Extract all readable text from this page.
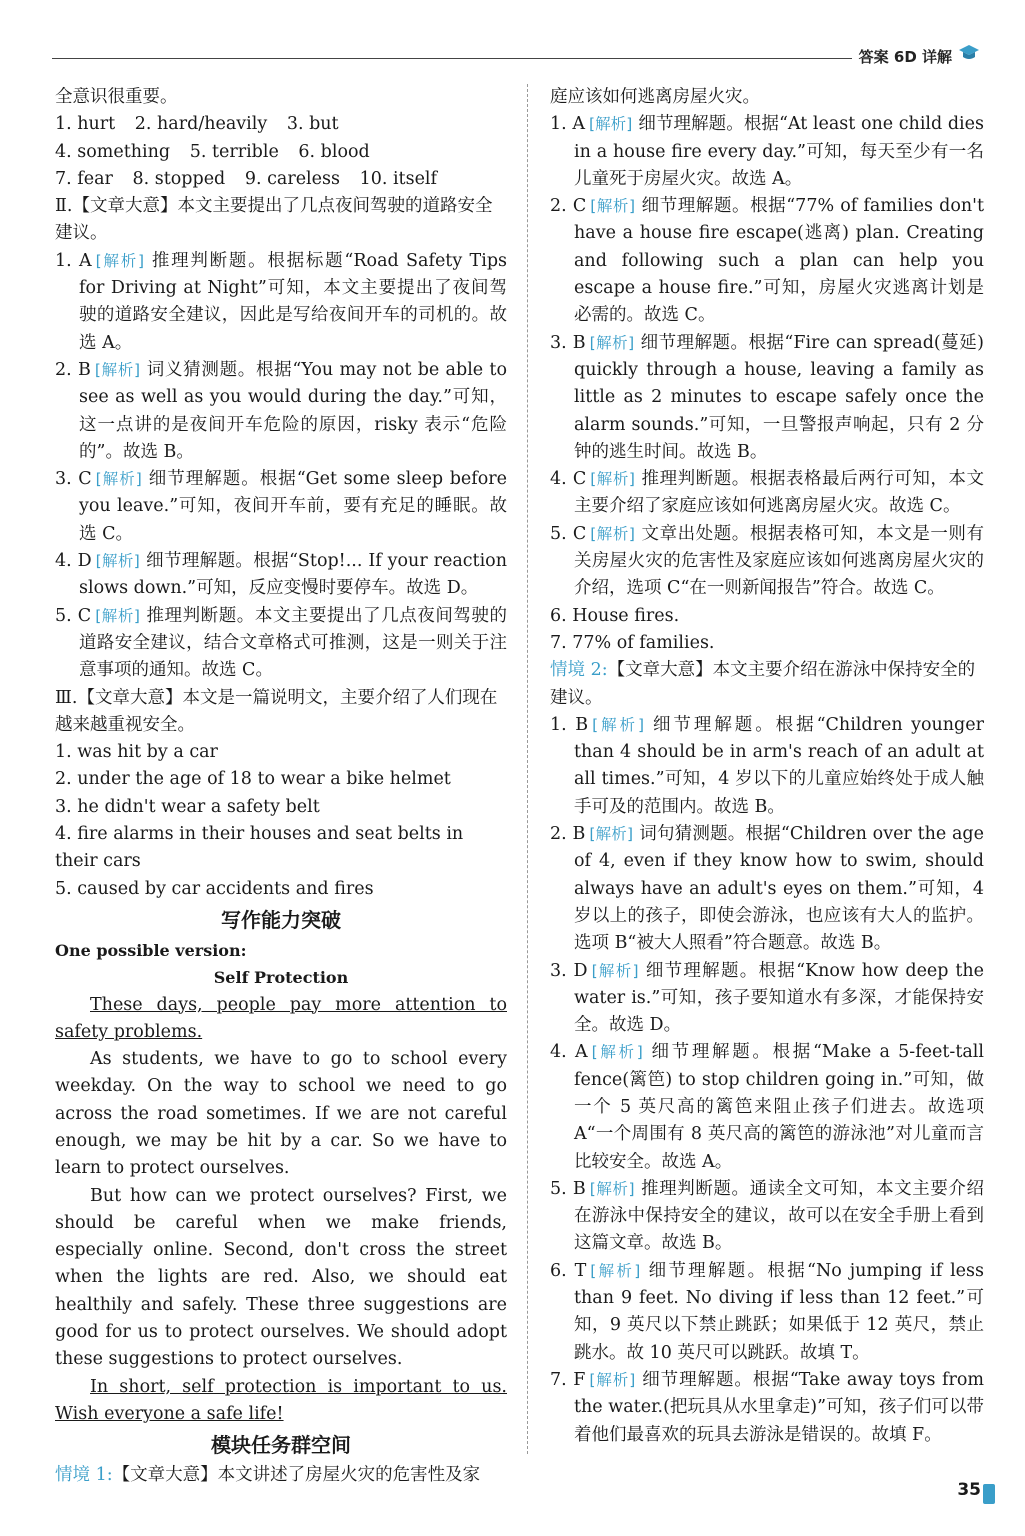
答案 6D 详解

全意识很重要。

1. hurt 2. hard/heavily 3. but

4. something 5. terrible 6. blood

7. fear 8. stopped 9. careless 10. itself

Ⅱ.【文章大意】本文主要提出了几点夜间驾驶的道路安全建议。

1. A [解析] 推理判断题。根据标题“Road Safety Tips for Driving at Night”可知，本文主要提出了夜间驾驶的道路安全建议，因此是写给夜间开车的司机的。故选 A。

2. B [解析] 词义猜测题。根据“You may not be able to see as well as you would during the day.”可知，这一点讲的是夜间开车危险的原因，risky 表示“危险的”。故选 B。

3. C [解析] 细节理解题。根据“Get some sleep before you leave.”可知，夜间开车前，要有充足的睡眠。故选 C。

4. D [解析] 细节理解题。根据“Stop!... If your reaction slows down.”可知，反应变慢时要停车。故选 D。

5. C [解析] 推理判断题。本文主要提出了几点夜间驾驶的道路安全建议，结合文章格式可推测，这是一则关于注意事项的通知。故选 C。

Ⅲ.【文章大意】本文是一篇说明文，主要介绍了人们现在越来越重视安全。

1. was hit by a car

2. under the age of 18 to wear a bike helmet

3. he didn't wear a safety belt

4. fire alarms in their houses and seat belts in their cars

5. caused by car accidents and fires

写作能力突破

One possible version:

Self Protection

These days, people pay more attention to safety problems.

As students, we have to go to school every weekday. On the way to school we need to go across the road sometimes. If we are not careful enough, we may be hit by a car. So we have to learn to protect ourselves.

But how can we protect ourselves? First, we should be careful when we make friends, especially online. Second, don't cross the street when the lights are red. Also, we should eat healthily and safely. These three suggestions are good for us to protect ourselves. We should adopt these suggestions to protect ourselves.

In short, self protection is important to us. Wish everyone a safe life!

模块任务群空间

情境 1:【文章大意】本文讲述了房屋火灾的危害性及家

庭应该如何逃离房屋火灾。

1. A [解析] 细节理解题。根据“At least one child dies in a house fire every day.”可知，每天至少有一名儿童死于房屋火灾。故选 A。

2. C [解析] 细节理解题。根据“77% of families don't have a house fire escape(逃离) plan. Creating and following such a plan can help you escape a house fire.”可知，房屋火灾逃离计划是必需的。故选 C。

3. B [解析] 细节理解题。根据“Fire can spread(蔓延) quickly through a house, leaving a family as little as 2 minutes to escape safely once the alarm sounds.”可知，一旦警报声响起，只有 2 分钟的逃生时间。故选 B。

4. C [解析] 推理判断题。根据表格最后两行可知，本文主要介绍了家庭应该如何逃离房屋火灾。故选 C。

5. C [解析] 文章出处题。根据表格可知，本文是一则有关房屋火灾的危害性及家庭应该如何逃离房屋火灾的介绍，选项 C“在一则新闻报告”符合。故选 C。

6. House fires.

7. 77% of families.

情境 2:【文章大意】本文主要介绍在游泳中保持安全的建议。

1. B [解析] 细节理解题。根据“Children younger than 4 should be in arm's reach of an adult at all times.”可知，4 岁以下的儿童应始终处于成人触手可及的范围内。故选 B。

2. B [解析] 词句猜测题。根据“Children over the age of 4, even if they know how to swim, should always have an adult's eyes on them.”可知，4 岁以上的孩子，即使会游泳，也应该有大人的监护。选项 B“被大人照看”符合题意。故选 B。

3. D [解析] 细节理解题。根据“Know how deep the water is.”可知，孩子要知道水有多深，才能保持安全。故选 D。

4. A [解析] 细节理解题。根据“Make a 5-feet-tall fence(篱笆) to stop children going in.”可知，做一个 5 英尺高的篱笆来阻止孩子们进去。故选项 A“一个周围有 8 英尺高的篱笆的游泳池”对儿童而言比较安全。故选 A。

5. B [解析] 推理判断题。通读全文可知，本文主要介绍在游泳中保持安全的建议，故可以在安全手册上看到这篇文章。故选 B。

6. T [解析] 细节理解题。根据“No jumping if less than 9 feet. No diving if less than 12 feet.”可知，9 英尺以下禁止跳跃；如果低于 12 英尺，禁止跳水。故 10 英尺可以跳跃。故填 T。

7. F [解析] 细节理解题。根据“Take away toys from the water.(把玩具从水里拿走)”可知，孩子们可以带着他们最喜欢的玩具去游泳是错误的。故填 F。

35
